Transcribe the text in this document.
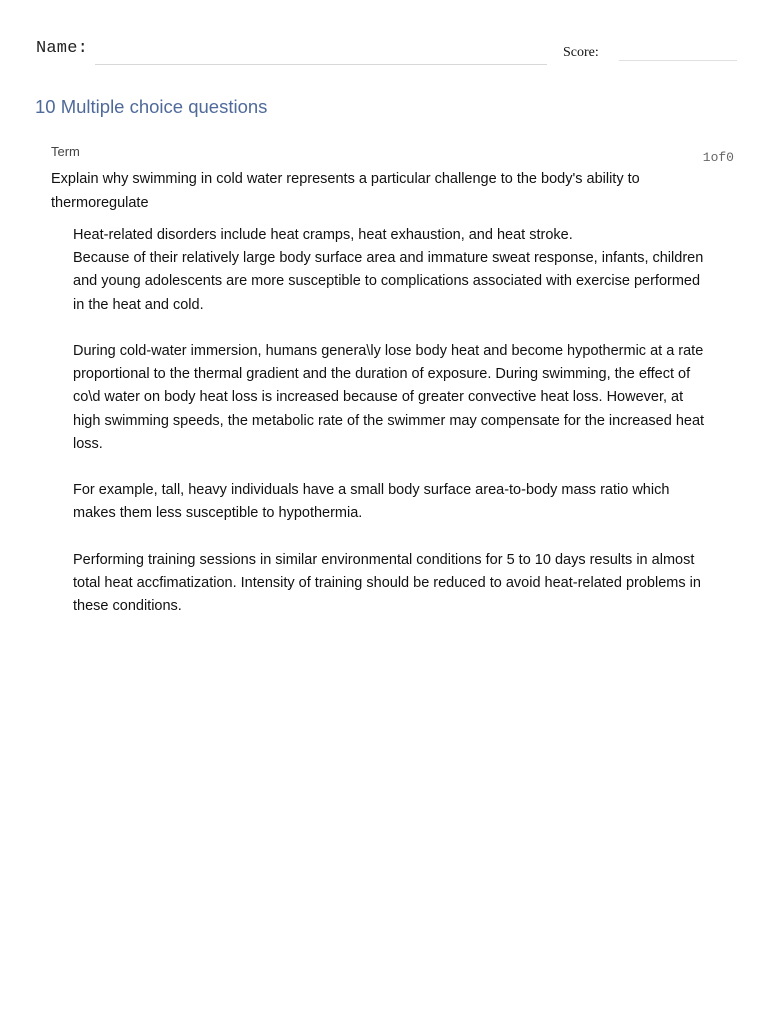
Name:	Score:
10 Multiple choice questions
Term	1of0
Explain why swimming in cold water represents a particular challenge to the body's ability to thermoregulate

Heat-related disorders include heat cramps, heat exhaustion, and heat stroke.
Because of their relatively large body surface area and immature sweat response, infants, children and young adolescents are more susceptible to complications associated with exercise performed in the heat and cold.

During cold-water immersion, humans genera\ly lose body heat and become hypothermic at a rate proportional to the thermal gradient and the duration of exposure. During swimming, the effect of co\d water on body heat loss is increased because of greater convective heat loss. However, at high swimming speeds, the metabolic rate of the swimmer may compensate for the increased heat loss.

For example, tall, heavy individuals have a small body surface area-to-body mass ratio which makes them less susceptible to hypothermia.

Performing training sessions in similar environmental conditions for 5 to 10 days results in almost total heat accfimatization. Intensity of training should be reduced to avoid heat-related problems in these conditions.
